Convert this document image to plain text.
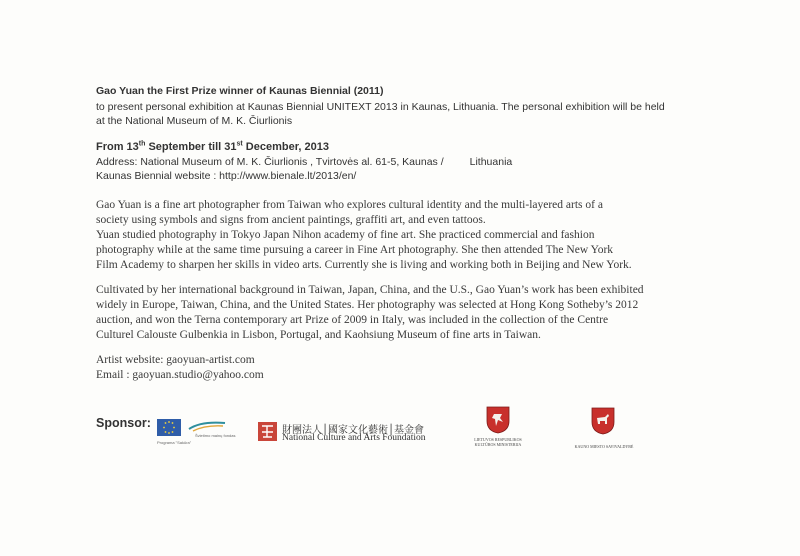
Gao Yuan the First Prize winner of Kaunas Biennial (2011)
to present personal exhibition at Kaunas Biennial UNITEXT 2013 in Kaunas, Lithuania. The personal exhibition will be held
at the National Museum of M. K. Čiurlionis
From 13th September till 31st December, 2013
Address: National Museum of M. K. Čiurlionis , Tvirtovės al. 61-5, Kaunas / Lithuania
Kaunas Biennial website : http://www.bienale.lt/2013/en/
Gao Yuan is a fine art photographer from Taiwan who explores cultural identity and the multi-layered arts of a
society using symbols and signs from ancient paintings, graffiti art, and even tattoos.
Yuan studied photography in Tokyo Japan Nihon academy of fine art. She practiced commercial and fashion
photography while at the same time pursuing a career in Fine Art photography. She then attended The New York
Film Academy to sharpen her skills in video arts. Currently she is living and working both in Beijing and New York.
Cultivated by her international background in Taiwan, Japan, China, and the U.S., Gao Yuan’s work has been exhibited
widely in Europe, Taiwan, China, and the United States. Her photography was selected at Hong Kong Sotheby’s 2012
auction, and won the Terna contemporary art Prize of 2009 in Italy, was included in the collection of the Centre
Culturel Calouste Gulbenkia in Lisbon, Portugal, and Kaohsiung Museum of fine arts in Taiwan.
Artist website: gaoyuan-artist.com
Email : gaoyuan.studio@yahoo.com
Sponsor:
Programa "Sakūra"
Švietimo mainų fondas	財團法人│國家文化藝術│基金會
National Culture and Arts Foundation	LIETUVOS RESPUBLIKOS
KULTŪROS MINISTERIJA	KAUNO MIESTO SAVIVALDYBĖ
